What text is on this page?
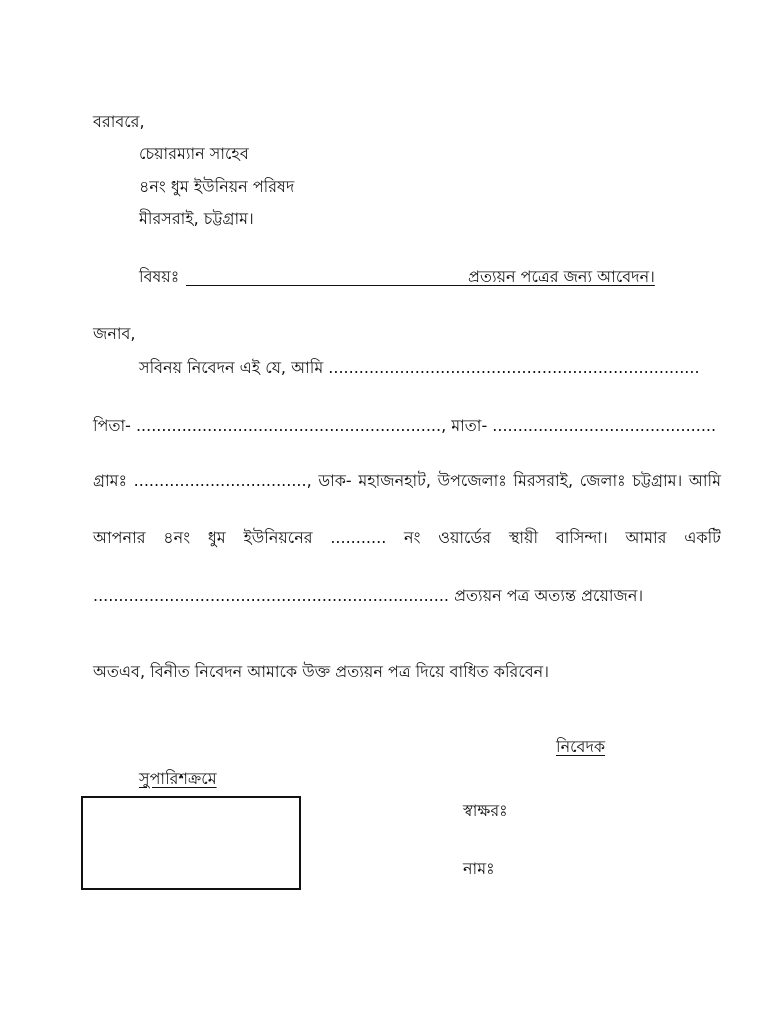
বরাবরে,

চেয়ারম্যান সাহেব

৪নং ধুম ইউনিয়ন পরিষদ

মীরসরাই, চট্টগ্রাম।

বিষয়ঃ	প্রত্যয়ন পত্রের জন্য আবেদন।

জনাব,

সবিনয় নিবেদন এই যে, আমি .........................................................................

পিতা- ............................................................, মাতা- ............................................

গ্রামঃ .................................., ডাক- মহাজনহাট, উপজেলাঃ মিরসরাই, জেলাঃ চট্টগ্রাম। আমি
আপনার ৪নং ধুম ইউনিয়নের ........... নং ওয়ার্ডের স্থায়ী বাসিন্দা। আমার একটি

...................................................................... প্রত্যয়ন পত্র অত্যন্ত প্রয়োজন।

অতএব, বিনীত নিবেদন আমাকে উক্ত প্রত্যয়ন পত্র দিয়ে বাধিত করিবেন।

নিবেদক

সুপারিশক্রমে

স্বাক্ষরঃ

নামঃ
